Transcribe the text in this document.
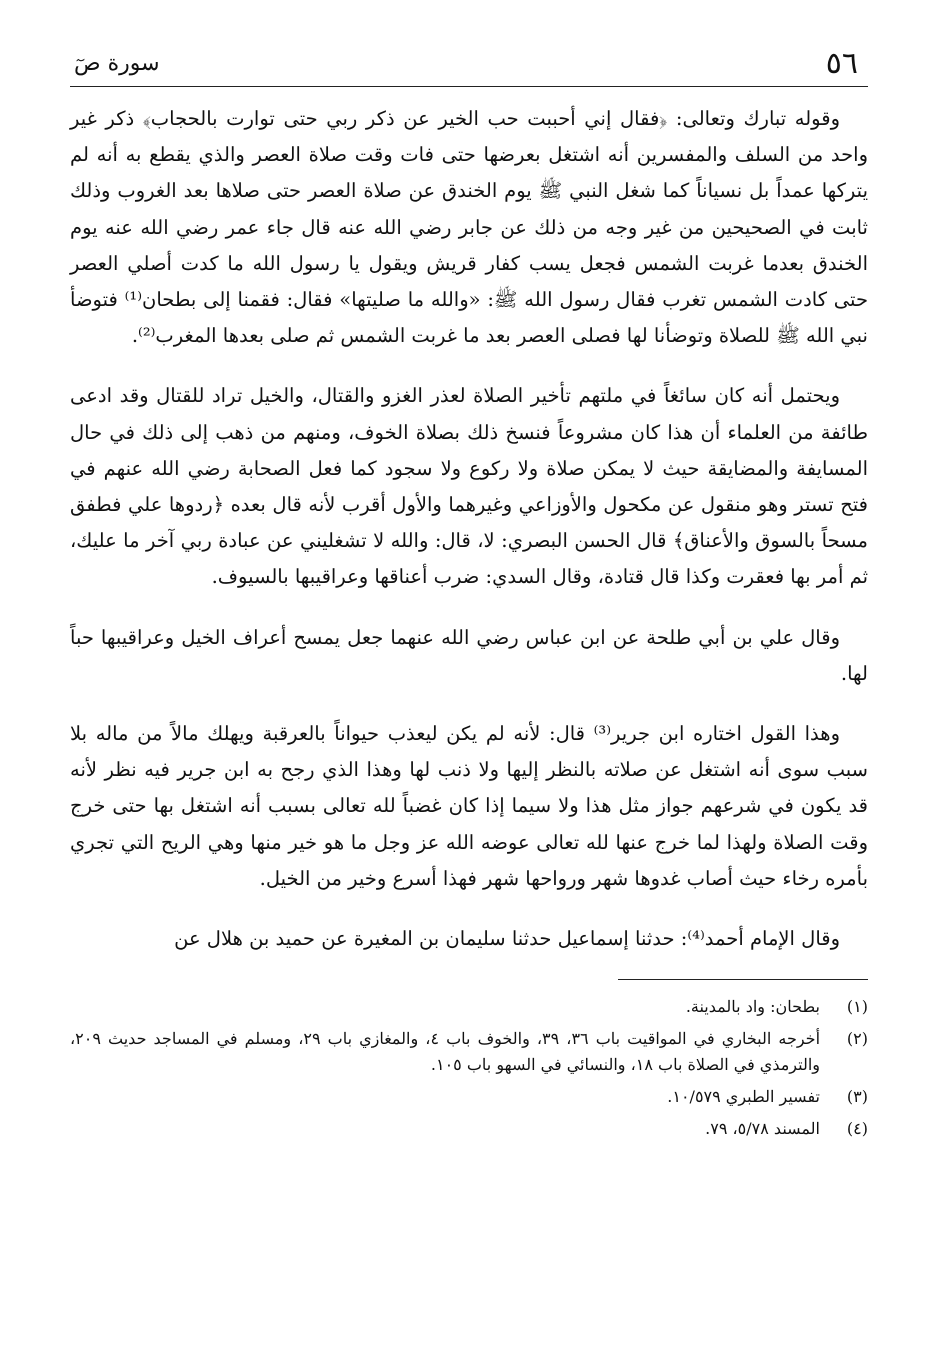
٥٦
سورة صٓ

وقوله تبارك وتعالى: ﴿فقال إني أحببت حب الخير عن ذكر ربي حتى توارت بالحجاب﴾ ذكر غير واحد من السلف والمفسرين أنه اشتغل بعرضها حتى فات وقت صلاة العصر والذي يقطع به أنه لم يتركها عمداً بل نسياناً كما شغل النبي ﷺ يوم الخندق عن صلاة العصر حتى صلاها بعد الغروب وذلك ثابت في الصحيحين من غير وجه من ذلك عن جابر رضي الله عنه قال جاء عمر رضي الله عنه يوم الخندق بعدما غربت الشمس فجعل يسب كفار قريش ويقول يا رسول الله ما كدت أصلي العصر حتى كادت الشمس تغرب فقال رسول الله ﷺ: «والله ما صليتها» فقال: فقمنا إلى بطحان⁽¹⁾ فتوضأ نبي الله ﷺ للصلاة وتوضأنا لها فصلى العصر بعد ما غربت الشمس ثم صلى بعدها المغرب⁽²⁾.

ويحتمل أنه كان سائغاً في ملتهم تأخير الصلاة لعذر الغزو والقتال، والخيل تراد للقتال وقد ادعى طائفة من العلماء أن هذا كان مشروعاً فنسخ ذلك بصلاة الخوف، ومنهم من ذهب إلى ذلك في حال المسايفة والمضايقة حيث لا يمكن صلاة ولا ركوع ولا سجود كما فعل الصحابة رضي الله عنهم في فتح تستر وهو منقول عن مكحول والأوزاعي وغيرهما والأول أقرب لأنه قال بعده ﴿ردوها علي فطفق مسحاً بالسوق والأعناق﴾ قال الحسن البصري: لا، قال: والله لا تشغليني عن عبادة ربي آخر ما عليك، ثم أمر بها فعقرت وكذا قال قتادة، وقال السدي: ضرب أعناقها وعراقيبها بالسيوف.

وقال علي بن أبي طلحة عن ابن عباس رضي الله عنهما جعل يمسح أعراف الخيل وعراقيبها حباً لها.

وهذا القول اختاره ابن جرير⁽³⁾ قال: لأنه لم يكن ليعذب حيواناً بالعرقبة ويهلك مالاً من ماله بلا سبب سوى أنه اشتغل عن صلاته بالنظر إليها ولا ذنب لها وهذا الذي رجح به ابن جرير فيه نظر لأنه قد يكون في شرعهم جواز مثل هذا ولا سيما إذا كان غضباً لله تعالى بسبب أنه اشتغل بها حتى خرج وقت الصلاة ولهذا لما خرج عنها لله تعالى عوضه الله عز وجل ما هو خير منها وهي الريح التي تجري بأمره رخاء حيث أصاب غدوها شهر ورواحها شهر فهذا أسرع وخير من الخيل.

وقال الإمام أحمد⁽⁴⁾: حدثنا إسماعيل حدثنا سليمان بن المغيرة عن حميد بن هلال عن

(١)
بطحان: واد بالمدينة.
(٢)
أخرجه البخاري في المواقيت باب ٣٦، ٣٩، والخوف باب ٤، والمغازي باب ٢٩، ومسلم في المساجد حديث ٢٠٩، والترمذي في الصلاة باب ١٨، والنسائي في السهو باب ١٠٥.
(٣)
تفسير الطبري ١٠/٥٧٩.
(٤)
المسند ٥/٧٨، ٧٩.
